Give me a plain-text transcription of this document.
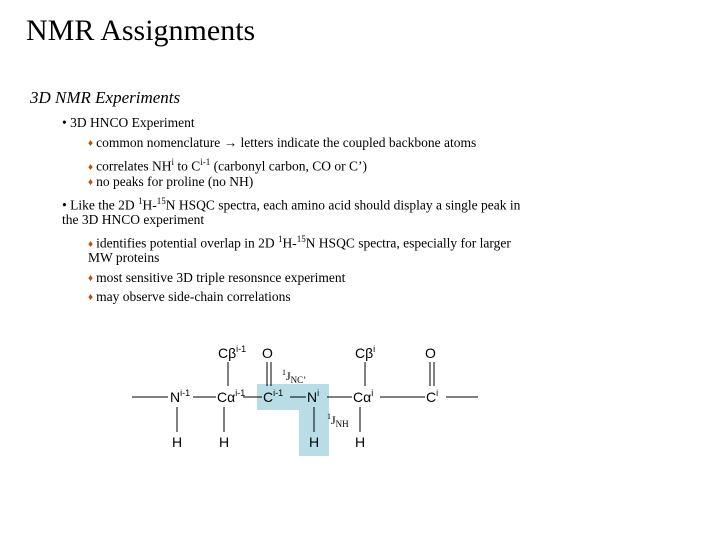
NMR Assignments
3D NMR Experiments
• 3D HNCO Experiment
♦ common nomenclature → letters indicate the coupled backbone atoms
♦ correlates $NH^i$ to $C^{i-1}$ (carbonyl carbon, CO or C’)
♦ no peaks for proline (no NH)
• Like the 2D $^1$H-$^{15}$N HSQC spectra, each amino acid should display a single peak in
the 3D HNCO experiment
♦ identifies potential overlap in 2D $^1$H-$^{15}$N HSQC spectra, especially for larger
MW proteins
♦ most sensitive 3D triple resonsnce experiment
♦ may observe side-chain correlations
$C\beta^{i-1}$ O	$C\beta^i$	O
$N^{i-1}$ $C\alpha^{i-1}$ $C^{i-1}$ $N^i$ $C\alpha^i$	$C^i$
H	H	H	H
$^1J_{NC’}$
$^1J_{NH}$
